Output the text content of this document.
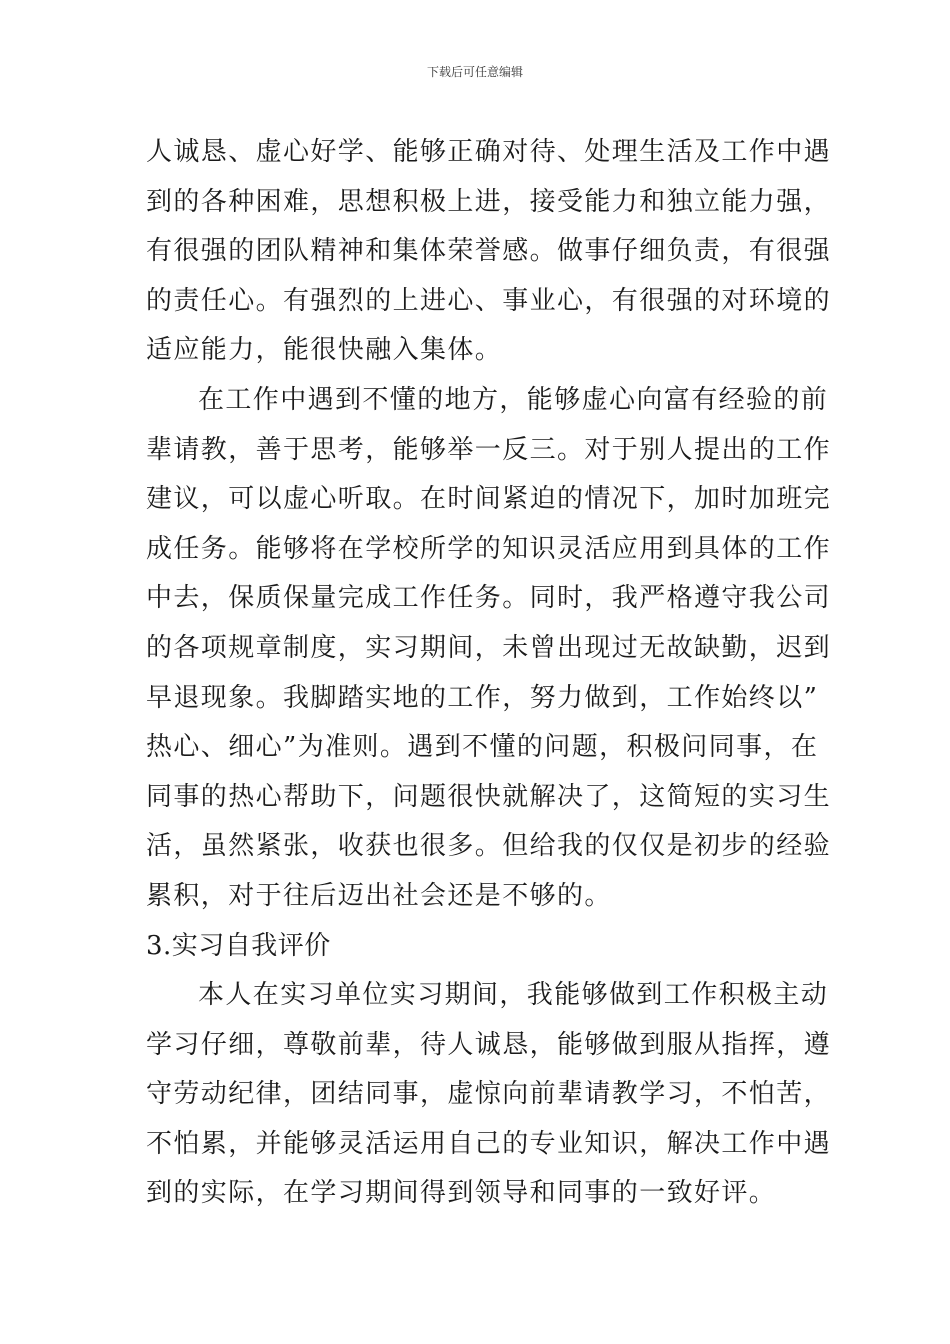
下载后可任意编辑
人诚恳、虚心好学、能够正确对待、处理生活及工作中遇
到的各种困难，思想积极上进，接受能力和独立能力强，
有很强的团队精神和集体荣誉感。做事仔细负责，有很强
的责任心。有强烈的上进心、事业心，有很强的对环境的
适应能力，能很快融入集体。
在工作中遇到不懂的地方，能够虚心向富有经验的前
辈请教，善于思考，能够举一反三。对于别人提出的工作
建议，可以虚心听取。在时间紧迫的情况下，加时加班完
成任务。能够将在学校所学的知识灵活应用到具体的工作
中去，保质保量完成工作任务。同时，我严格遵守我公司
的各项规章制度，实习期间，未曾出现过无故缺勤，迟到
早退现象。我脚踏实地的工作，努力做到，工作始终以”
热心、细心”为准则。遇到不懂的问题，积极问同事，在
同事的热心帮助下，问题很快就解决了，这简短的实习生
活，虽然紧张，收获也很多。但给我的仅仅是初步的经验
累积，对于往后迈出社会还是不够的。
3.实习自我评价
本人在实习单位实习期间，我能够做到工作积极主动
学习仔细，尊敬前辈，待人诚恳，能够做到服从指挥，遵
守劳动纪律，团结同事，虚惊向前辈请教学习，不怕苦，
不怕累，并能够灵活运用自己的专业知识，解决工作中遇
到的实际，在学习期间得到领导和同事的一致好评。
